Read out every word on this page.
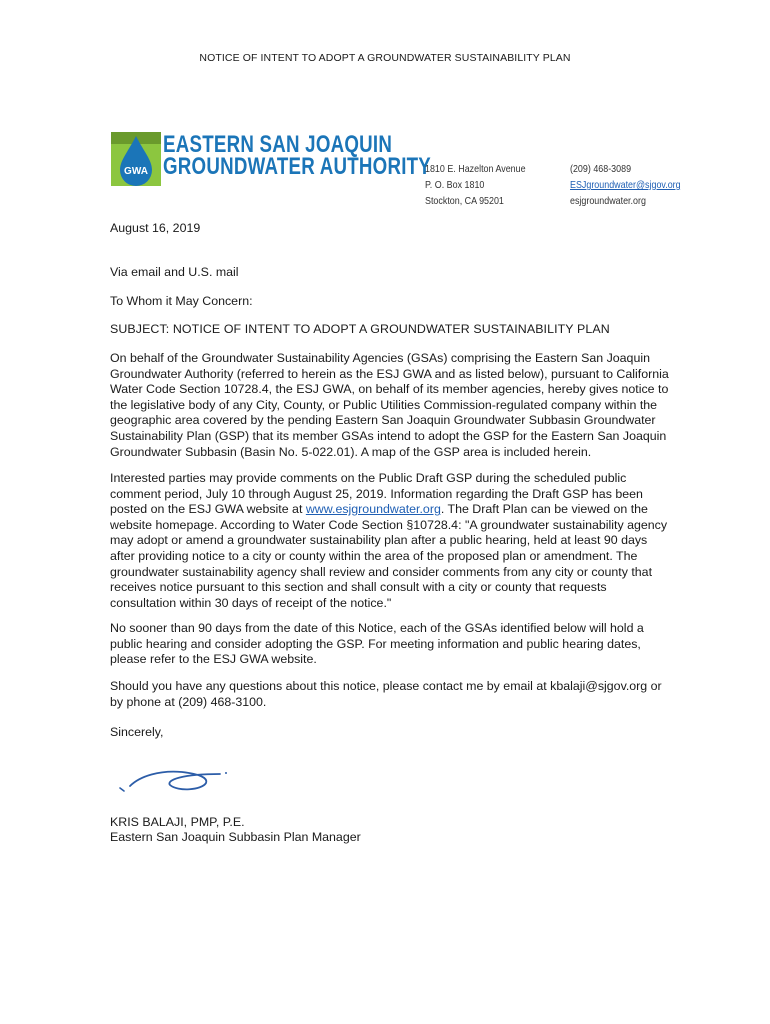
NOTICE OF INTENT TO ADOPT A GROUNDWATER SUSTAINABILITY PLAN
GWA
EASTERN SAN JOAQUIN
GROUNDWATER AUTHORITY
1810 E. Hazelton Avenue
P. O. Box 1810
Stockton, CA 95201
(209) 468-3089
ESJgroundwater@sjgov.org
esjgroundwater.org
August 16, 2019
Via email and U.S. mail
To Whom it May Concern:
SUBJECT: NOTICE OF INTENT TO ADOPT A GROUNDWATER SUSTAINABILITY PLAN
On behalf of the Groundwater Sustainability Agencies (GSAs) comprising the Eastern San Joaquin Groundwater Authority (referred to herein as the ESJ GWA and as listed below), pursuant to California Water Code Section 10728.4, the ESJ GWA, on behalf of its member agencies, hereby gives notice to the legislative body of any City, County, or Public Utilities Commission-regulated company within the geographic area covered by the pending Eastern San Joaquin Groundwater Subbasin Groundwater Sustainability Plan (GSP) that its member GSAs intend to adopt the GSP for the Eastern San Joaquin Groundwater Subbasin (Basin No. 5-022.01). A map of the GSP area is included herein.
Interested parties may provide comments on the Public Draft GSP during the scheduled public comment period, July 10 through August 25, 2019. Information regarding the Draft GSP has been posted on the ESJ GWA website at www.esjgroundwater.org. The Draft Plan can be viewed on the website homepage. According to Water Code Section §10728.4: "A groundwater sustainability agency may adopt or amend a groundwater sustainability plan after a public hearing, held at least 90 days after providing notice to a city or county within the area of the proposed plan or amendment. The groundwater sustainability agency shall review and consider comments from any city or county that receives notice pursuant to this section and shall consult with a city or county that requests consultation within 30 days of receipt of the notice."
No sooner than 90 days from the date of this Notice, each of the GSAs identified below will hold a public hearing and consider adopting the GSP. For meeting information and public hearing dates, please refer to the ESJ GWA website.
Should you have any questions about this notice, please contact me by email at kbalaji@sjgov.org or by phone at (209) 468-3100.
Sincerely,
KRIS BALAJI, PMP, P.E.
Eastern San Joaquin Subbasin Plan Manager
